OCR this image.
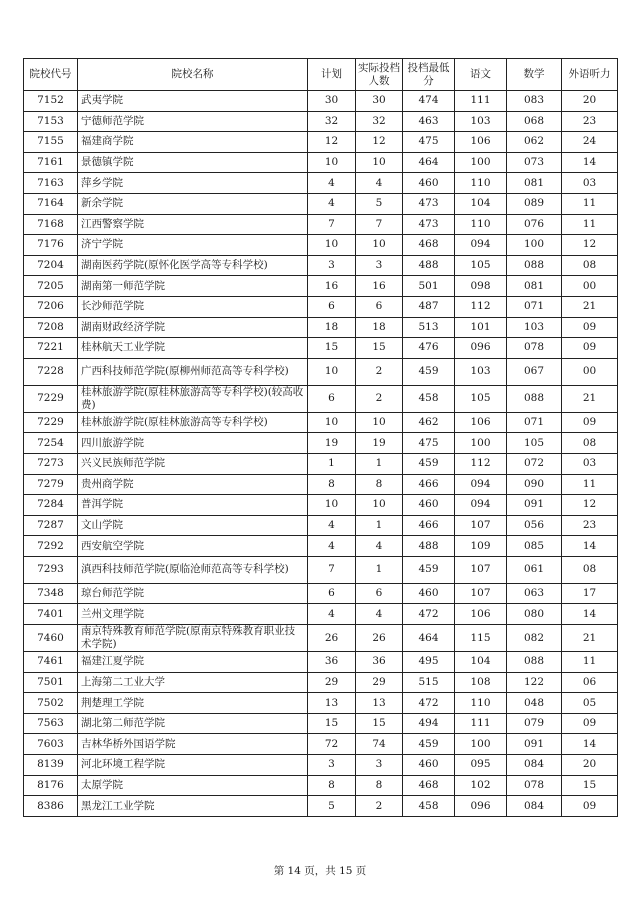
院校代号	院校名称	计划	实际投档人数	投档最低分	语文	数学	外语听力
7152	武夷学院	30	30	474	111	083	20
7153	宁德师范学院	32	32	463	103	068	23
7155	福建商学院	12	12	475	106	062	24
7161	景德镇学院	10	10	464	100	073	14
7163	萍乡学院	4	4	460	110	081	03
7164	新余学院	4	5	473	104	089	11
7168	江西警察学院	7	7	473	110	076	11
7176	济宁学院	10	10	468	094	100	12
7204	湖南医药学院(原怀化医学高等专科学校)	3	3	488	105	088	08
7205	湖南第一师范学院	16	16	501	098	081	00
7206	长沙师范学院	6	6	487	112	071	21
7208	湖南财政经济学院	18	18	513	101	103	09
7221	桂林航天工业学院	15	15	476	096	078	09
7228	广西科技师范学院(原柳州师范高等专科学校)	10	2	459	103	067	00
7229	桂林旅游学院(原桂林旅游高等专科学校)(较高收费)	6	2	458	105	088	21
7229	桂林旅游学院(原桂林旅游高等专科学校)	10	10	462	106	071	09
7254	四川旅游学院	19	19	475	100	105	08
7273	兴义民族师范学院	1	1	459	112	072	03
7279	贵州商学院	8	8	466	094	090	11
7284	普洱学院	10	10	460	094	091	12
7287	文山学院	4	1	466	107	056	23
7292	西安航空学院	4	4	488	109	085	14
7293	滇西科技师范学院(原临沧师范高等专科学校)	7	1	459	107	061	08
7348	琼台师范学院	6	6	460	107	063	17
7401	兰州文理学院	4	4	472	106	080	14
7460	南京特殊教育师范学院(原南京特殊教育职业技术学院)	26	26	464	115	082	21
7461	福建江夏学院	36	36	495	104	088	11
7501	上海第二工业大学	29	29	515	108	122	06
7502	荆楚理工学院	13	13	472	110	048	05
7563	湖北第二师范学院	15	15	494	111	079	09
7603	吉林华桥外国语学院	72	74	459	100	091	14
8139	河北环境工程学院	3	3	460	095	084	20
8176	太原学院	8	8	468	102	078	15
8386	黑龙江工业学院	5	2	458	096	084	09
第 14 页，共 15 页
